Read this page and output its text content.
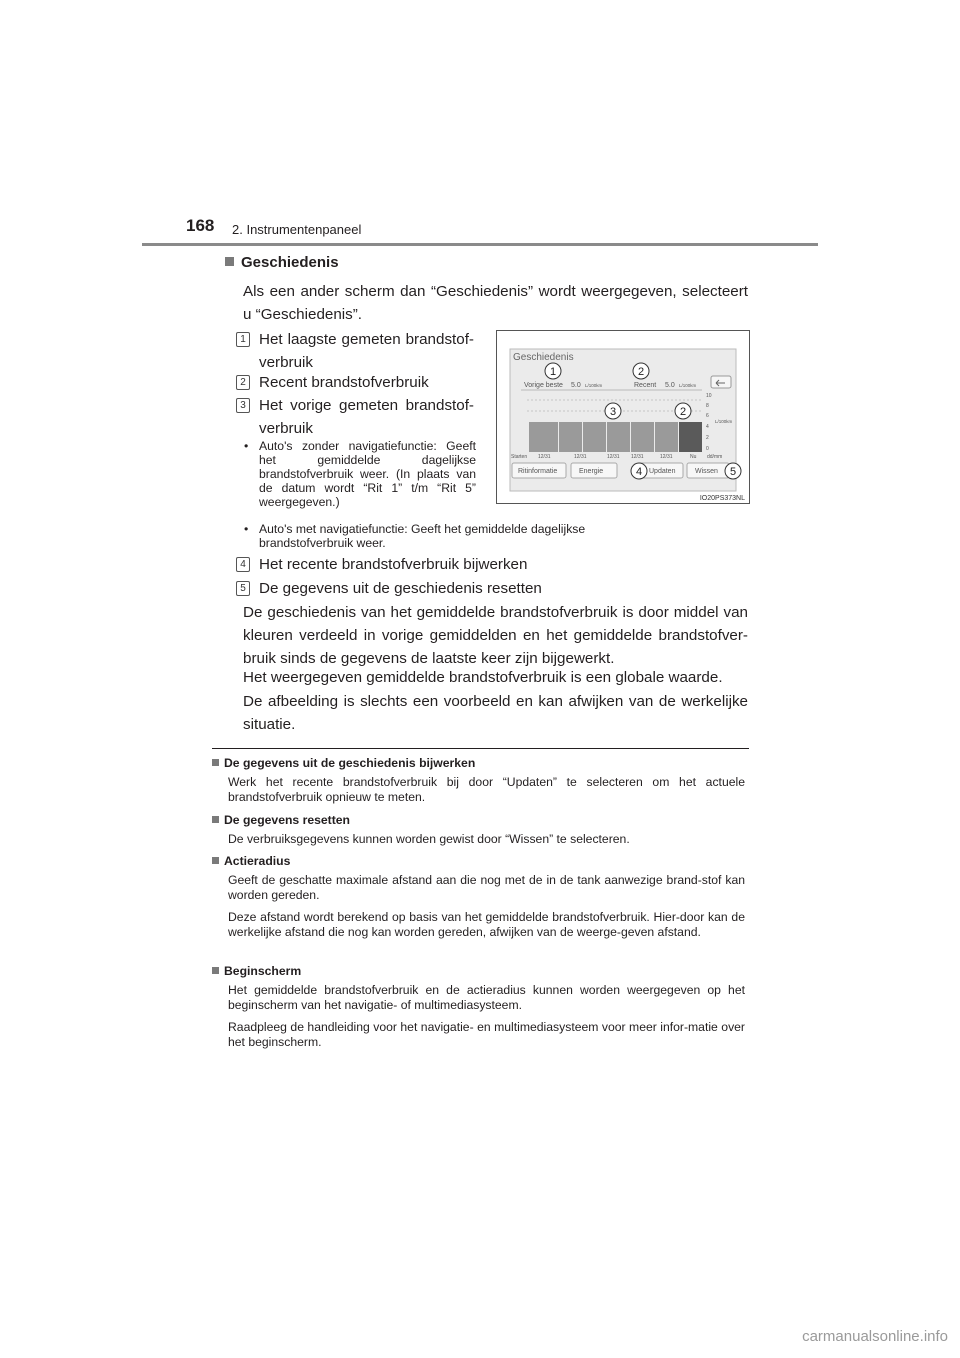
168 2. Instrumentenpaneel
Geschiedenis
Als een ander scherm dan “Geschiedenis” wordt weergegeven, selecteert u “Geschiedenis”.
1 Het laagste gemeten brandstof-verbruik
2 Recent brandstofverbruik
3 Het vorige gemeten brandstof-verbruik
• Auto's zonder navigatiefunctie: Geeft het gemiddelde dagelijkse brandstofverbruik weer. (In plaats van de datum wordt “Rit 1” t/m “Rit 5” weergegeven.)
• Auto's met navigatiefunctie: Geeft het gemiddelde dagelijkse brandstofverbruik weer.
4 Het recente brandstofverbruik bijwerken
5 De gegevens uit de geschiedenis resetten
De geschiedenis van het gemiddelde brandstofverbruik is door middel van kleuren verdeeld in vorige gemiddelden en het gemiddelde brandstofver-bruik sinds de gegevens de laatste keer zijn bijgewerkt.
Het weergegeven gemiddelde brandstofverbruik is een globale waarde.
De afbeelding is slechts een voorbeeld en kan afwijken van de werkelijke situatie.
Geschiedenis
Vorige beste 5.0 L/100km	Recent 5.0 L/100km
10
8
6
4
2
0
L/100km
Starten 12/31	12/31	12/31 12/31	12/31	Nu dd/mm
Ritinformatie	Energie	Updaten	Wissen
1	2
3	2
4	5
IO20PS373NL
De gegevens uit de geschiedenis bijwerken
Werk het recente brandstofverbruik bij door “Updaten” te selecteren om het actuele brandstofverbruik opnieuw te meten.
De gegevens resetten
De verbruiksgegevens kunnen worden gewist door “Wissen” te selecteren.
Actieradius
Geeft de geschatte maximale afstand aan die nog met de in de tank aanwezige brand-stof kan worden gereden.
Deze afstand wordt berekend op basis van het gemiddelde brandstofverbruik. Hier-door kan de werkelijke afstand die nog kan worden gereden, afwijken van de weerge-geven afstand.
Beginscherm
Het gemiddelde brandstofverbruik en de actieradius kunnen worden weergegeven op het beginscherm van het navigatie- of multimediasysteem.
Raadpleeg de handleiding voor het navigatie- en multimediasysteem voor meer infor-matie over het beginscherm.
carmanualsonline.info
